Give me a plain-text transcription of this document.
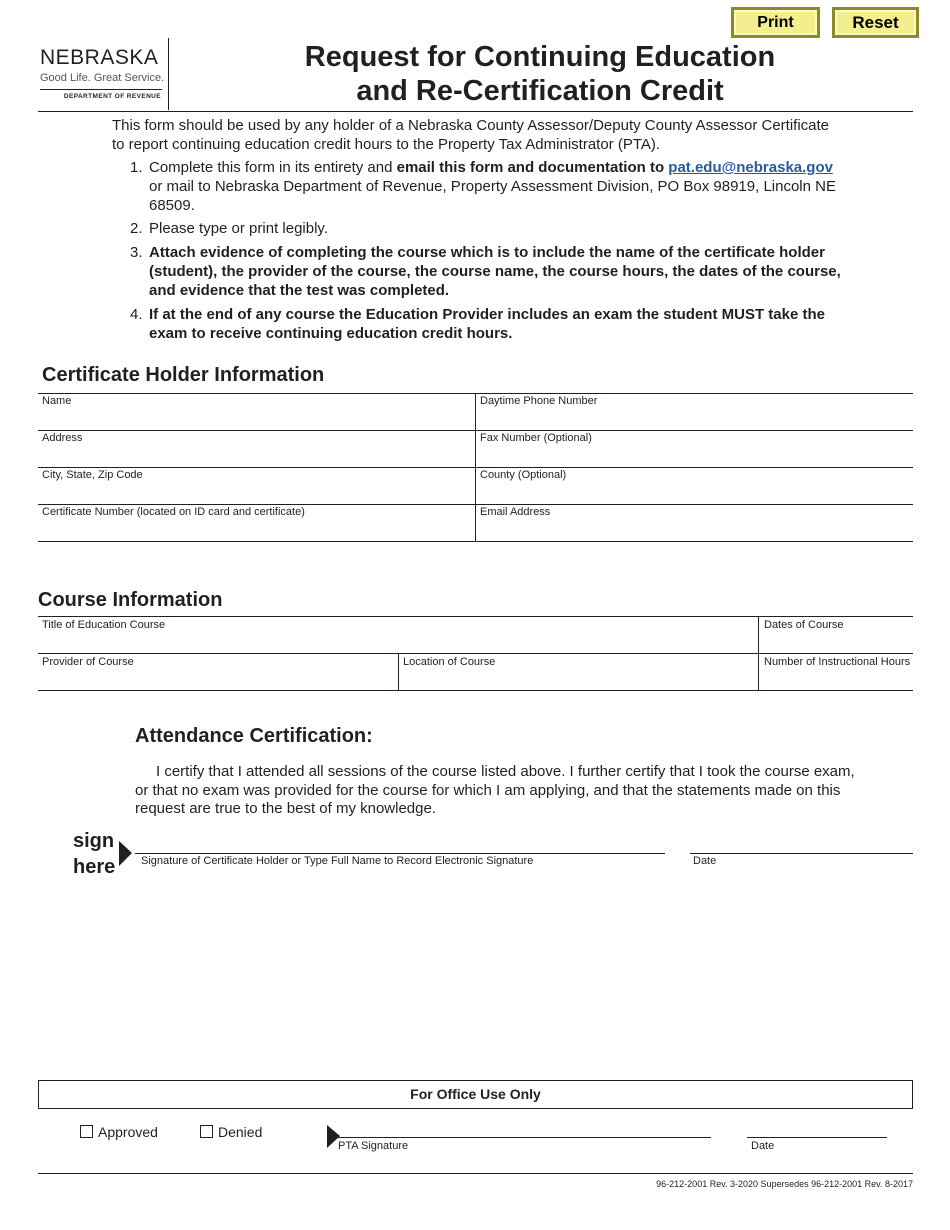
Print	Reset
NEBRASKA
Good Life. Great Service.
DEPARTMENT OF REVENUE
Request for Continuing Education
and Re-Certification Credit
This form should be used by any holder of a Nebraska County Assessor/Deputy County Assessor Certificate to report continuing education credit hours to the Property Tax Administrator (PTA).
1. Complete this form in its entirety and email this form and documentation to pat.edu@nebraska.gov or mail to Nebraska Department of Revenue, Property Assessment Division, PO Box 98919, Lincoln NE 68509.
2. Please type or print legibly.
3. Attach evidence of completing the course which is to include the name of the certificate holder (student), the provider of the course, the course name, the course hours, the dates of the course, and evidence that the test was completed.
4. If at the end of any course the Education Provider includes an exam the student MUST take the exam to receive continuing education credit hours.
Certificate Holder Information
Name	Daytime Phone Number
Address	Fax Number (Optional)
City, State, Zip Code	County (Optional)
Certificate Number (located on ID card and certificate)	Email Address
Course Information
Title of Education Course	Dates of Course
Provider of Course	Location of Course	Number of Instructional Hours
Attendance Certification:
I certify that I attended all sessions of the course listed above. I further certify that I took the course exam, or that no exam was provided for the course for which I am applying, and that the statements made on this request are true to the best of my knowledge.
sign
here Signature of Certificate Holder or Type Full Name to Record Electronic Signature	Date
For Office Use Only
Approved	Denied
PTA Signature	Date
96-212-2001 Rev. 3-2020 Supersedes 96-212-2001 Rev. 8-2017
